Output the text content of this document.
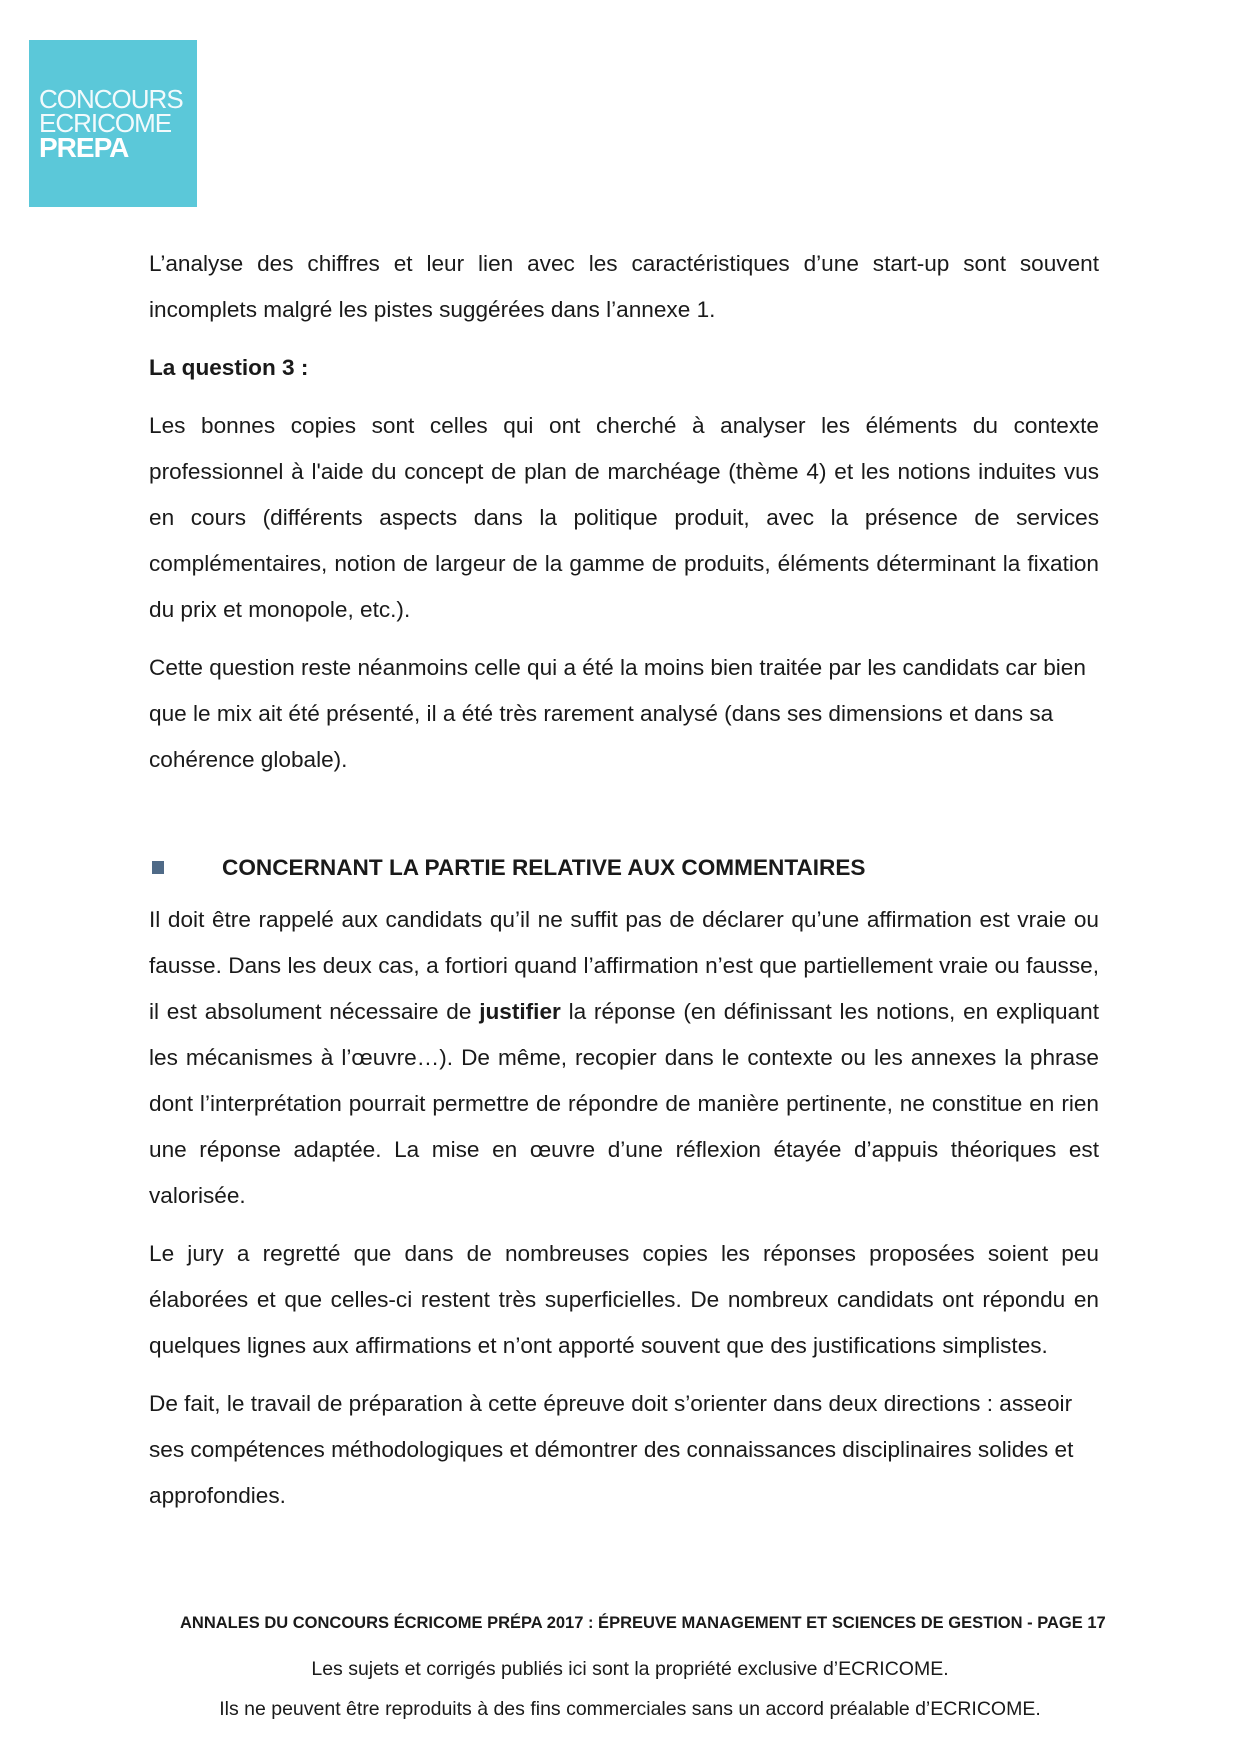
CONCOURS
ECRICOME
PREPA

L’analyse des chiffres et leur lien avec les caractéristiques d’une start-up sont souvent incomplets malgré les pistes suggérées dans l’annexe 1.

La question 3 :

Les bonnes copies sont celles qui ont cherché à analyser les éléments du contexte professionnel à l'aide du concept de plan de marchéage (thème 4) et les notions induites vus en cours (différents aspects dans la politique produit, avec la présence de services complémentaires, notion de largeur de la gamme de produits, éléments déterminant la fixation du prix et monopole, etc.).

Cette question reste néanmoins celle qui a été la moins bien traitée par les candidats car bien que le mix ait été présenté, il a été très rarement analysé (dans ses dimensions et dans sa cohérence globale).

CONCERNANT LA PARTIE RELATIVE AUX COMMENTAIRES

Il doit être rappelé aux candidats qu’il ne suffit pas de déclarer qu’une affirmation est vraie ou fausse. Dans les deux cas, a fortiori quand l’affirmation n’est que partiellement vraie ou fausse, il est absolument nécessaire de justifier la réponse (en définissant les notions, en expliquant les mécanismes à l’œuvre…). De même, recopier dans le contexte ou les annexes la phrase dont l’interprétation pourrait permettre de répondre de manière pertinente, ne constitue en rien une réponse adaptée. La mise en œuvre d’une réflexion étayée d’appuis théoriques est valorisée.

Le jury a regretté que dans de nombreuses copies les réponses proposées soient peu élaborées et que celles-ci restent très superficielles. De nombreux candidats ont répondu en quelques lignes aux affirmations et n’ont apporté souvent que des justifications simplistes.

De fait, le travail de préparation à cette épreuve doit s’orienter dans deux directions : asseoir ses compétences méthodologiques et démontrer des connaissances disciplinaires solides et approfondies.

ANNALES DU CONCOURS ÉCRICOME PRÉPA 2017 : ÉPREUVE MANAGEMENT ET SCIENCES DE GESTION - PAGE 17
Les sujets et corrigés publiés ici sont la propriété exclusive d’ECRICOME.
Ils ne peuvent être reproduits à des fins commerciales sans un accord préalable d’ECRICOME.
